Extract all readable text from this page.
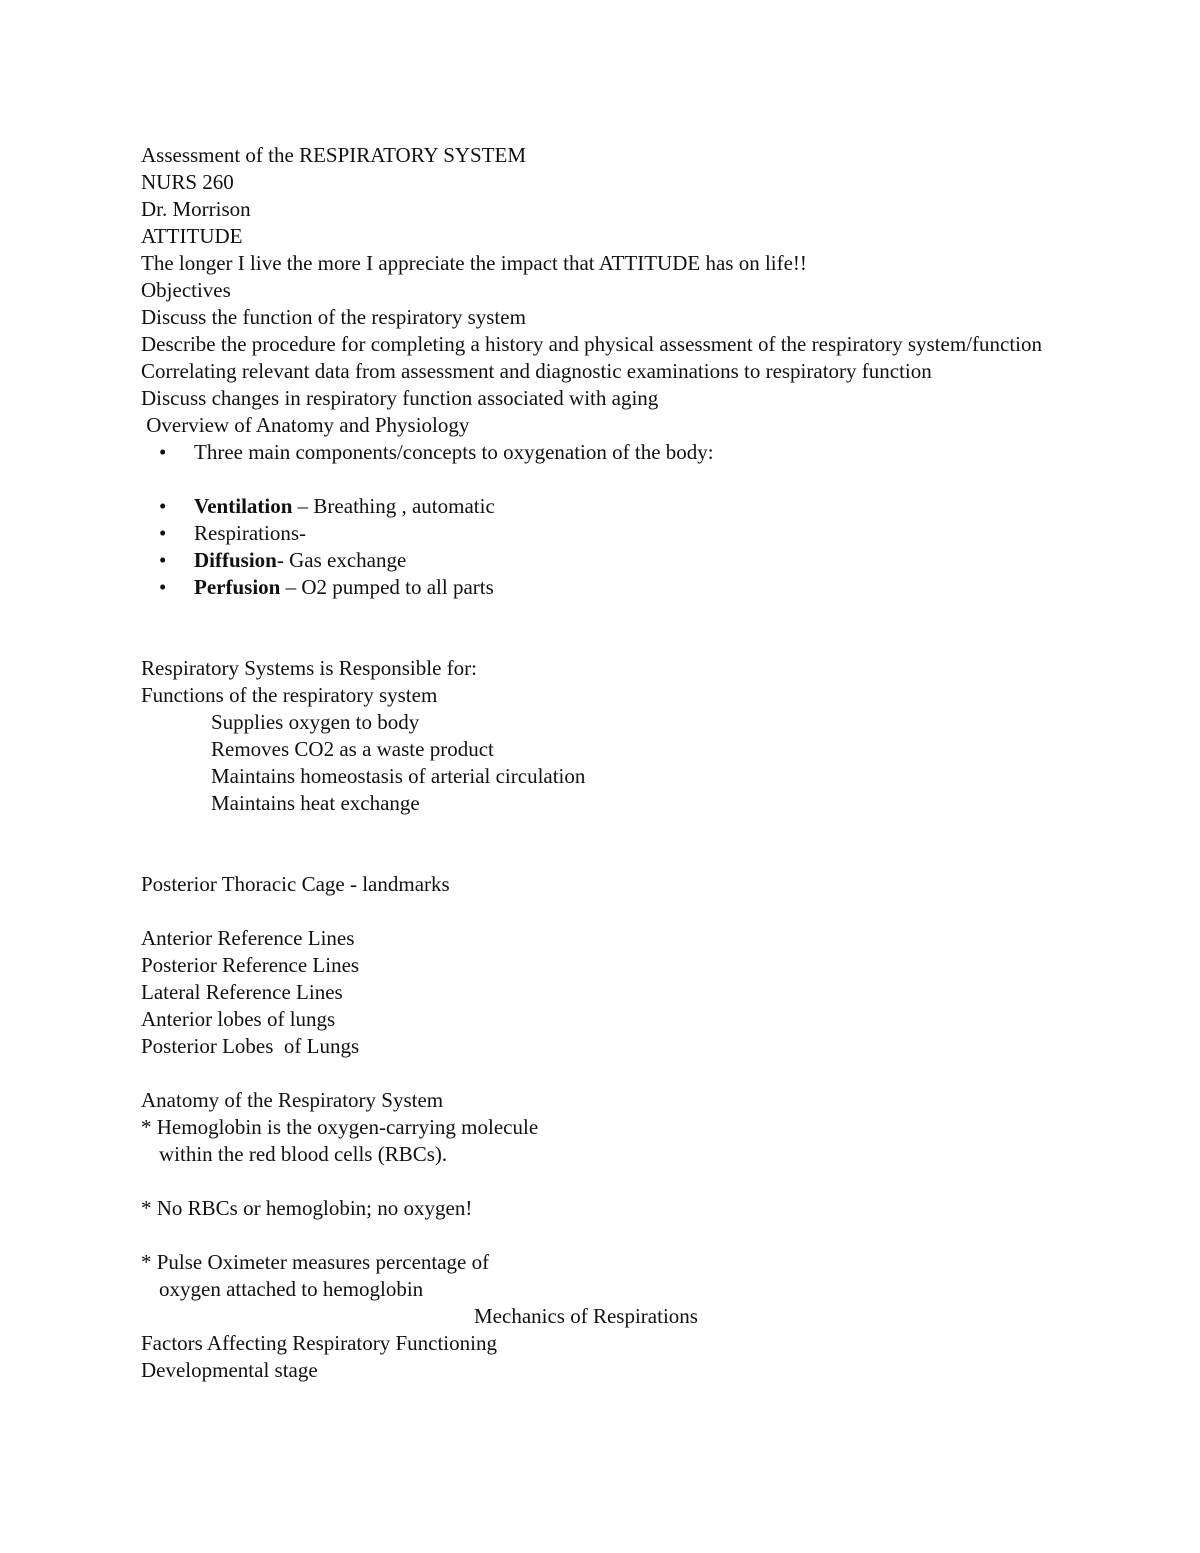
Assessment of the RESPIRATORY SYSTEM
NURS 260
Dr. Morrison
ATTITUDE
The longer I live the more I appreciate the impact that ATTITUDE has on life!!
Objectives
Discuss the function of the respiratory system
Describe the procedure for completing a history and physical assessment of the respiratory system/function
Correlating relevant data from assessment and diagnostic examinations to respiratory function
Discuss changes in respiratory function associated with aging
Overview of Anatomy and Physiology

•

Three main components/concepts to oxygenation of the body:

•

Ventilation – Breathing , automatic

•

Respirations-

•

Diffusion- Gas exchange

•

Perfusion – O2 pumped to all parts

Respiratory Systems is Responsible for:
Functions of the respiratory system
Supplies oxygen to body
Removes CO2 as a waste product
Maintains homeostasis of arterial circulation
Maintains heat exchange
Posterior Thoracic Cage - landmarks
Anterior Reference Lines
Posterior Reference Lines
Lateral Reference Lines
Anterior lobes of lungs
Posterior Lobes  of Lungs
Anatomy of the Respiratory System
* Hemoglobin is the oxygen-carrying molecule
within the red blood cells (RBCs).
* No RBCs or hemoglobin; no oxygen!
* Pulse Oximeter measures percentage of
oxygen attached to hemoglobin
Mechanics of Respirations
Factors Affecting Respiratory Functioning
Developmental stage
